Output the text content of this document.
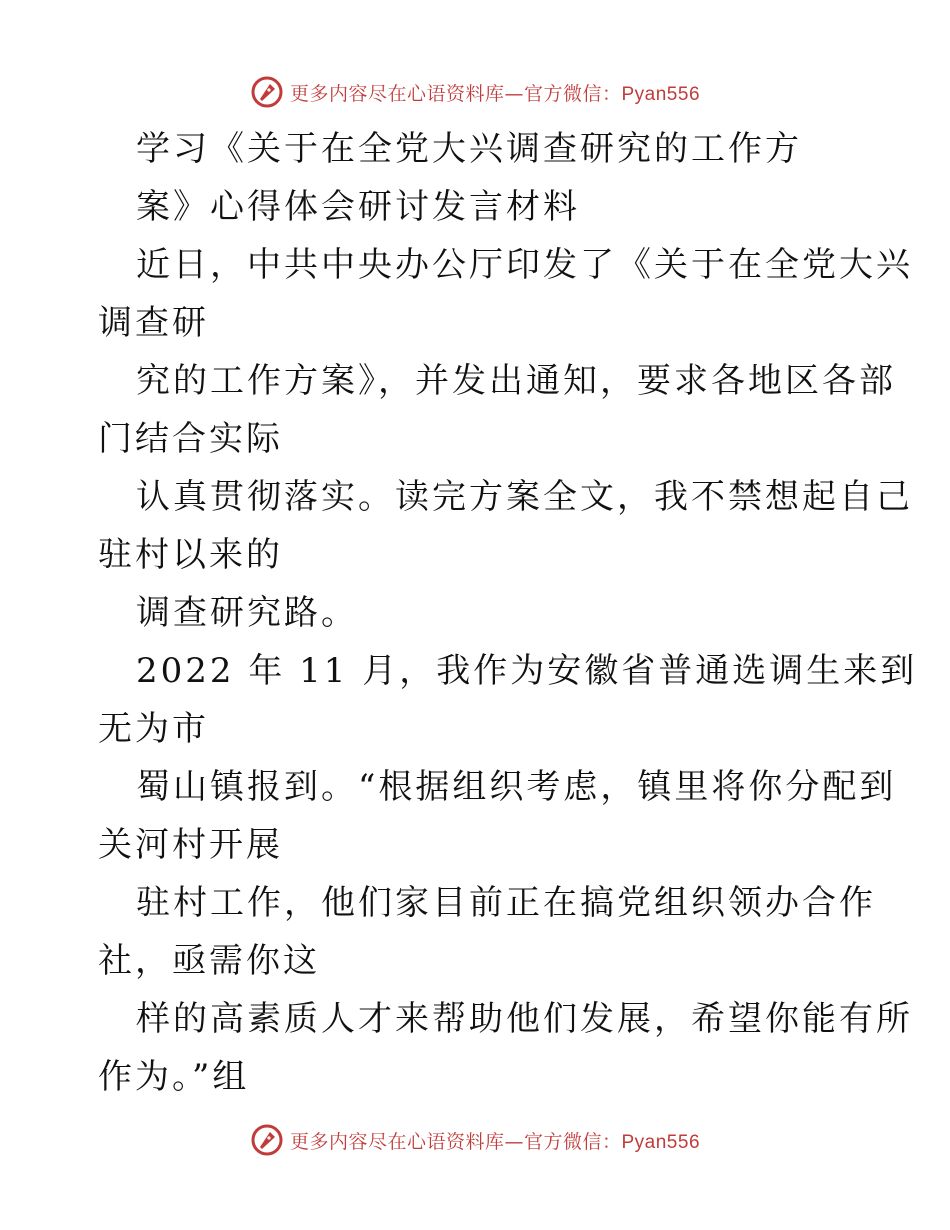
更多内容尽在心语资料库—官方微信：Pyan556
学习《关于在全党大兴调查研究的工作方
案》心得体会研讨发言材料
近日，中共中央办公厅印发了《关于在全党大兴
调查研
究的工作方案》，并发出通知，要求各地区各部
门结合实际
认真贯彻落实。读完方案全文，我不禁想起自己
驻村以来的
调查研究路。
2022 年 11 月，我作为安徽省普通选调生来到
无为市
蜀山镇报到。“根据组织考虑，镇里将你分配到
关河村开展
驻村工作，他们家目前正在搞党组织领办合作
社，亟需你这
样的高素质人才来帮助他们发展，希望你能有所
作为。”组
更多内容尽在心语资料库—官方微信：Pyan556
